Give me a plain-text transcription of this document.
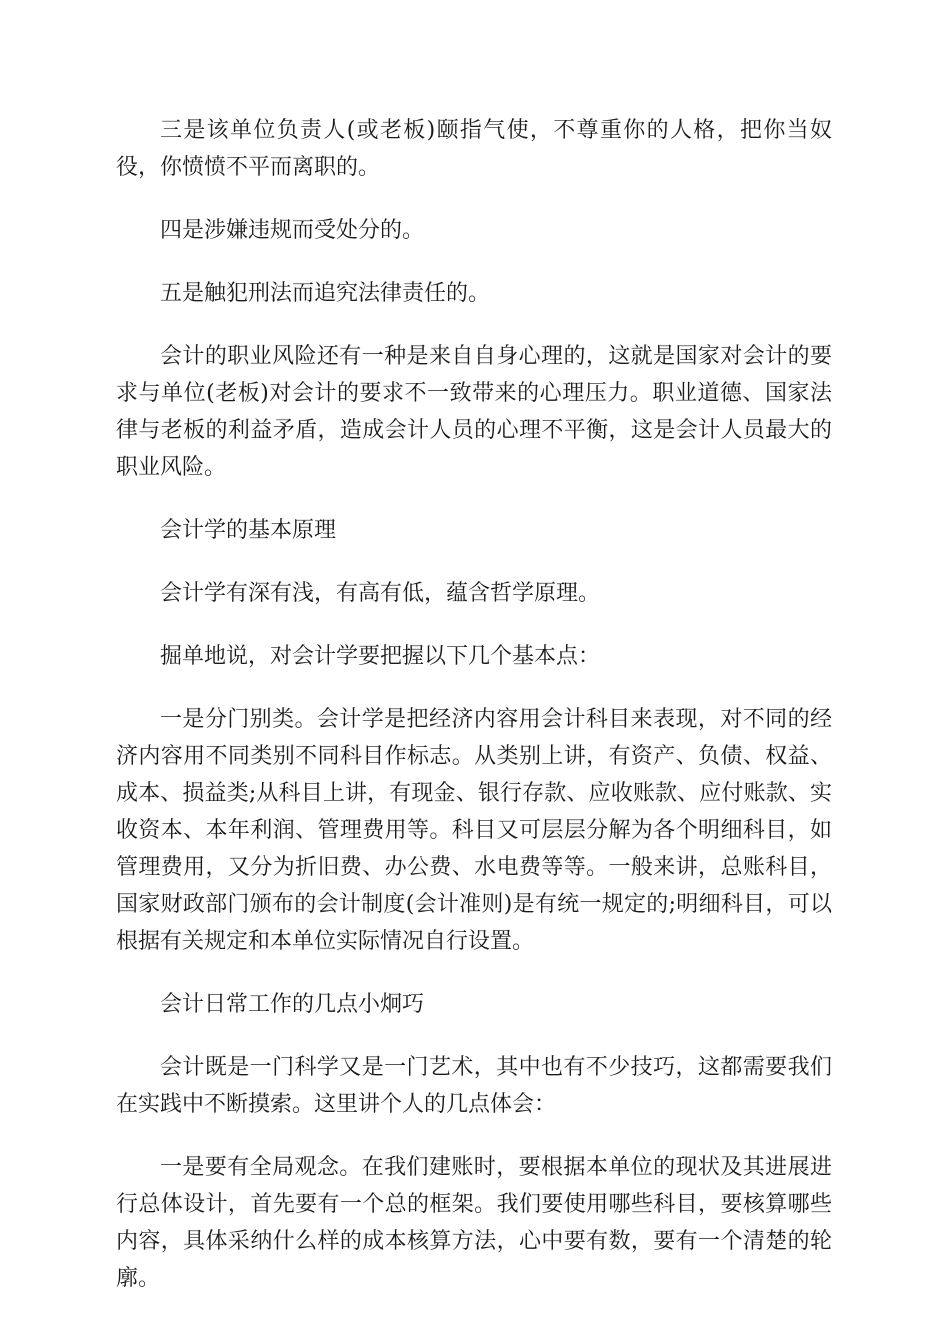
三是该单位负责人(或老板)颐指气使，不尊重你的人格，把你当奴役，你愤愤不平而离职的。

四是涉嫌违规而受处分的。

五是触犯刑法而追究法律责任的。

会计的职业风险还有一种是来自自身心理的，这就是国家对会计的要求与单位(老板)对会计的要求不一致带来的心理压力。职业道德、国家法律与老板的利益矛盾，造成会计人员的心理不平衡，这是会计人员最大的职业风险。

会计学的基本原理

会计学有深有浅，有高有低，蕴含哲学原理。

掘单地说，对会计学要把握以下几个基本点：

一是分门别类。会计学是把经济内容用会计科目来表现，对不同的经济内容用不同类别不同科目作标志。从类别上讲，有资产、负债、权益、成本、损益类;从科目上讲，有现金、银行存款、应收账款、应付账款、实收资本、本年利润、管理费用等。科目又可层层分解为各个明细科目，如管理费用，又分为折旧费、办公费、水电费等等。一般来讲，总账科目，国家财政部门颁布的会计制度(会计准则)是有统一规定的;明细科目，可以根据有关规定和本单位实际情况自行设置。

会计日常工作的几点小炯巧

会计既是一门科学又是一门艺术，其中也有不少技巧，这都需要我们在实践中不断摸索。这里讲个人的几点体会：

一是要有全局观念。在我们建账时，要根据本单位的现状及其进展进行总体设计，首先要有一个总的框架。我们要使用哪些科目，要核算哪些内容，具体采纳什么样的成本核算方法，心中要有数，要有一个清楚的轮廓。
